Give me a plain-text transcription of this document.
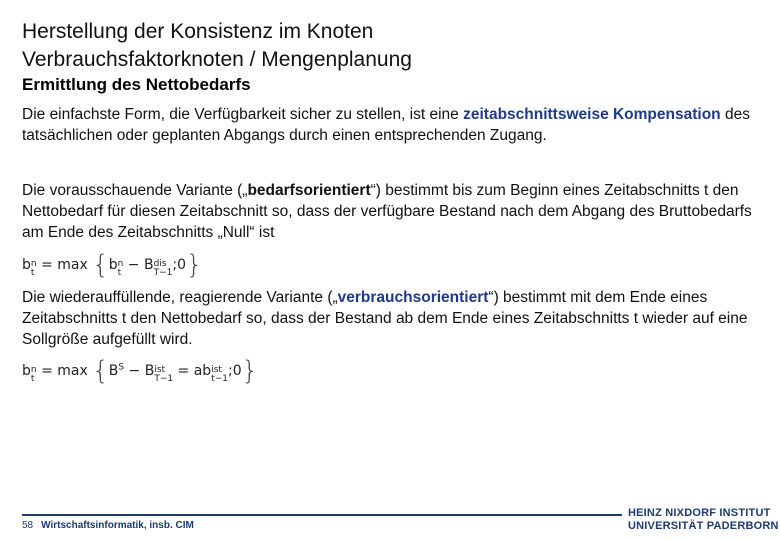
Herstellung der Konsistenz im Knoten
Verbrauchsfaktorknoten / Mengenplanung
Ermittlung des Nettobedarfs
Die einfachste Form, die Verfügbarkeit sicher zu stellen, ist eine zeitabschnittsweise Kompensation des tatsächlichen oder geplanten Abgangs durch einen entsprechenden Zugang.
Die vorausschauende Variante („bedarfsorientiert“) bestimmt bis zum Beginn eines Zeitabschnitts t den Nettobedarf für diesen Zeitabschnitt so, dass der verfügbare Bestand nach dem Abgang des Bruttobedarfs am Ende des Zeitabschnitts „Null“ ist
b n
t = max {b n
t − B dis
T−1 ;0}
Die wiederauffüllende, reagierende Variante („verbrauchsorientiert“) bestimmt mit dem Ende eines Zeitabschnitts t den Nettobedarf so, dass der Bestand ab dem Ende eines Zeitabschnitts t wieder auf eine Sollgröße aufgefüllt wird.
b n
$t = \max \{B^S - B$ ist
T−1 = ab ist
t−1 ;0}
58 Wirtschaftsinformatik, insb. CIM
HEINZ NIXDORF INSTITUT
UNIVERSITÄT PADERBORN
